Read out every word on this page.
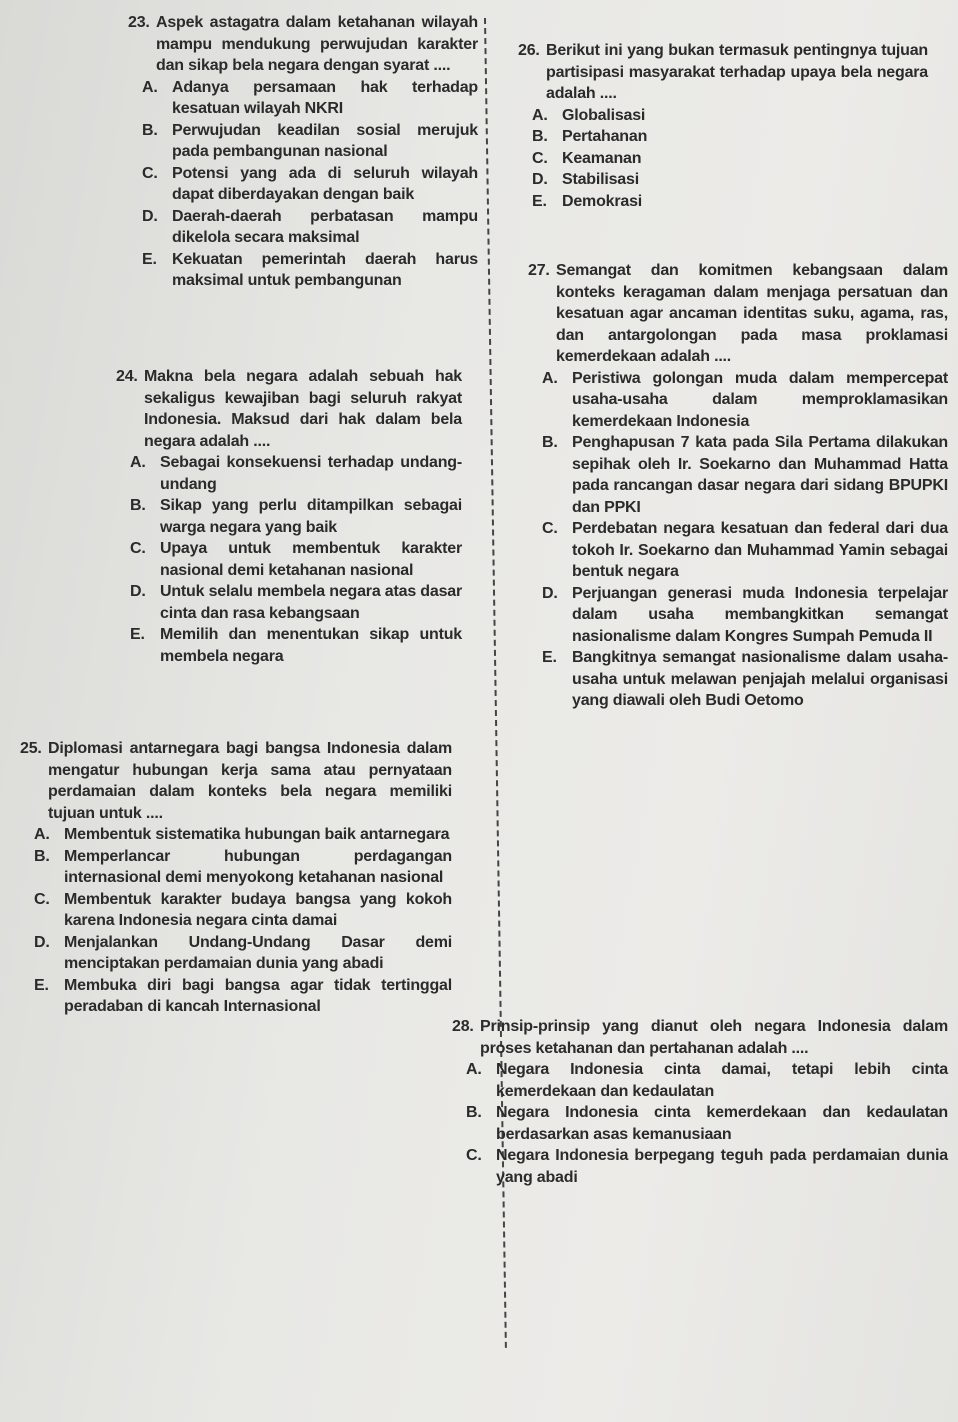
23. Aspek astagatra dalam ketahanan wilayah mampu mendukung perwujudan karakter dan sikap bela negara dengan syarat ....
A. Adanya persamaan hak terhadap kesatuan wilayah NKRI
B. Perwujudan keadilan sosial merujuk pada pembangunan nasional
C. Potensi yang ada di seluruh wilayah dapat diberdayakan dengan baik
D. Daerah-daerah perbatasan mampu dikelola secara maksimal
E. Kekuatan pemerintah daerah harus maksimal untuk pembangunan
24. Makna bela negara adalah sebuah hak sekaligus kewajiban bagi seluruh rakyat Indonesia. Maksud dari hak dalam bela negara adalah ....
A. Sebagai konsekuensi terhadap undang-undang
B. Sikap yang perlu ditampilkan sebagai warga negara yang baik
C. Upaya untuk membentuk karakter nasional demi ketahanan nasional
D. Untuk selalu membela negara atas dasar cinta dan rasa kebangsaan
E. Memilih dan menentukan sikap untuk membela negara
25. Diplomasi antarnegara bagi bangsa Indonesia dalam mengatur hubungan kerja sama atau pernyataan perdamaian dalam konteks bela negara memiliki tujuan untuk ....
A. Membentuk sistematika hubungan baik antarnegara
B. Memperlancar hubungan perdagangan internasional demi menyokong ketahanan nasional
C. Membentuk karakter budaya bangsa yang kokoh karena Indonesia negara cinta damai
D. Menjalankan Undang-Undang Dasar demi menciptakan perdamaian dunia yang abadi
E. Membuka diri bagi bangsa agar tidak tertinggal peradaban di kancah Internasional
26. Berikut ini yang bukan termasuk pentingnya tujuan partisipasi masyarakat terhadap upaya bela negara adalah ....
A. Globalisasi
B. Pertahanan
C. Keamanan
D. Stabilisasi
E. Demokrasi
27. Semangat dan komitmen kebangsaan dalam konteks keragaman dalam menjaga persatuan dan kesatuan agar ancaman identitas suku, agama, ras, dan antargolongan pada masa proklamasi kemerdekaan adalah ....
A. Peristiwa golongan muda dalam mempercepat usaha-usaha dalam memproklamasikan kemerdekaan Indonesia
B. Penghapusan 7 kata pada Sila Pertama dilakukan sepihak oleh Ir. Soekarno dan Muhammad Hatta pada rancangan dasar negara dari sidang BPUPKI dan PPKI
C. Perdebatan negara kesatuan dan federal dari dua tokoh Ir. Soekarno dan Muhammad Yamin sebagai bentuk negara
D. Perjuangan generasi muda Indonesia terpelajar dalam usaha membangkitkan semangat nasionalisme dalam Kongres Sumpah Pemuda II
E. Bangkitnya semangat nasionalisme dalam usaha-usaha untuk melawan penjajah melalui organisasi yang diawali oleh Budi Oetomo
28. Prinsip-prinsip yang dianut oleh negara Indonesia dalam proses ketahanan dan pertahanan adalah ....
A. Negara Indonesia cinta damai, tetapi lebih cinta kemerdekaan dan kedaulatan
B. Negara Indonesia cinta kemerdekaan dan kedaulatan berdasarkan asas kemanusiaan
C. Negara Indonesia berpegang teguh pada perdamaian dunia yang abadi
